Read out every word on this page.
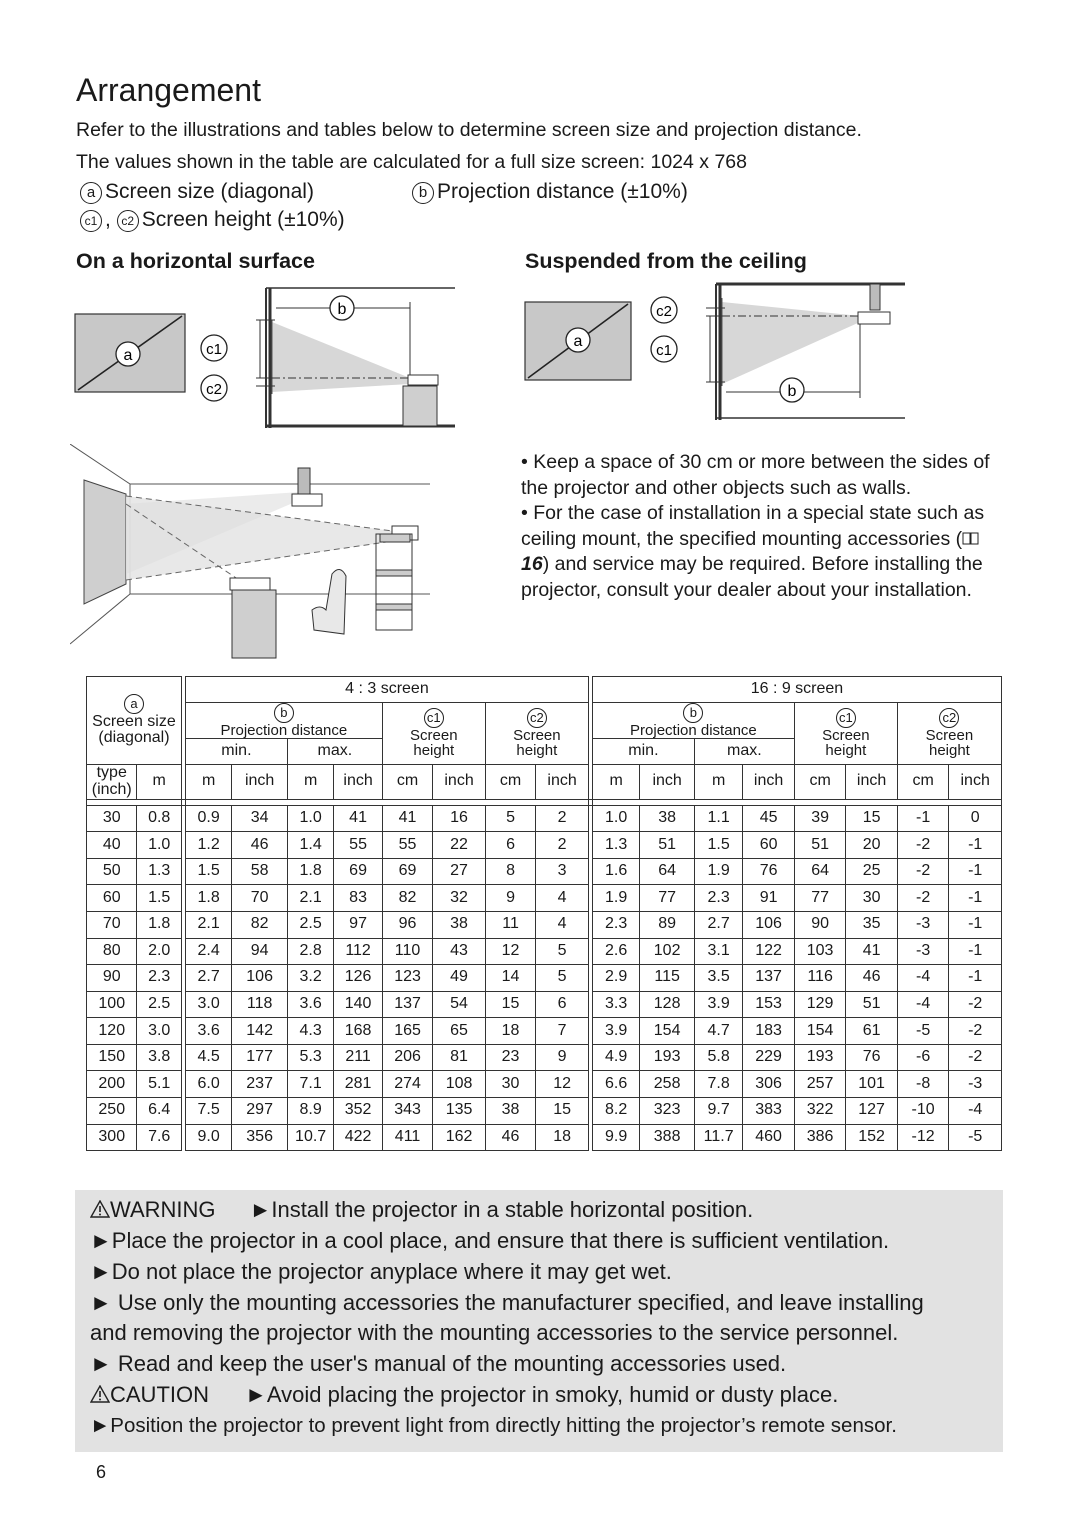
Arrangement
Refer to the illustrations and tables below to determine screen size and projection distance.
The values shown in the table are calculated for a full size screen: 1024 x 768
a Screen size (diagonal)	b Projection distance (±10%)
c1 , c2 Screen height (±10%)
On a horizontal surface	Suspended from the ceiling
a
b
c1
c2
a
c2
c1
b

• Keep a space of 30 cm or more between the sides of the projector and other objects such as walls.

• For the case of installation in a special state such as ceiling mount, the specified mounting accessories (16) and service may be required. Before installing the projector, consult your dealer about your installation.

a
Screen size
(diagonal)			4 : 3 screen									16 : 9 screen							
			b
Projection distance				c1
Screen
height		c2
Screen
height			b
Projection distance				c1
Screen
height		c2
Screen
height	
			min.		max.							min.		max.					
type
(inch)	m		m	inch	m	inch	cm	inch	cm	inch		m	inch	m	inch	cm	inch	cm	inch

30	0.8		0.9	34	1.0	41	41	16	5	2		1.0	38	1.1	45	39	15	-1	0
40	1.0		1.2	46	1.4	55	55	22	6	2		1.3	51	1.5	60	51	20	-2	-1
50	1.3		1.5	58	1.8	69	69	27	8	3		1.6	64	1.9	76	64	25	-2	-1
60	1.5		1.8	70	2.1	83	82	32	9	4		1.9	77	2.3	91	77	30	-2	-1
70	1.8		2.1	82	2.5	97	96	38	11	4		2.3	89	2.7	106	90	35	-3	-1
80	2.0		2.4	94	2.8	112	110	43	12	5		2.6	102	3.1	122	103	41	-3	-1
90	2.3		2.7	106	3.2	126	123	49	14	5		2.9	115	3.5	137	116	46	-4	-1
100	2.5		3.0	118	3.6	140	137	54	15	6		3.3	128	3.9	153	129	51	-4	-2
120	3.0		3.6	142	4.3	168	165	65	18	7		3.9	154	4.7	183	154	61	-5	-2
150	3.8		4.5	177	5.3	211	206	81	23	9		4.9	193	5.8	229	193	76	-6	-2
200	5.1		6.0	237	7.1	281	274	108	30	12		6.6	258	7.8	306	257	101	-8	-3
250	6.4		7.5	297	8.9	352	343	135	38	15		8.2	323	9.7	383	322	127	-10	-4
300	7.6		9.0	356	10.7	422	411	162	46	18		9.9	388	11.7	460	386	152	-12	-5
WARNING ►Install the projector in a stable horizontal position.
►Place the projector in a cool place, and ensure that there is sufficient ventilation.
►Do not place the projector anyplace where it may get wet.
► Use only the mounting accessories the manufacturer specified, and leave installing
and removing the projector with the mounting accessories to the service personnel.
► Read and keep the user's manual of the mounting accessories used.
CAUTION ►Avoid placing the projector in smoky, humid or dusty place.
►Position the projector to prevent light from directly hitting the projector’s remote sensor.
6
